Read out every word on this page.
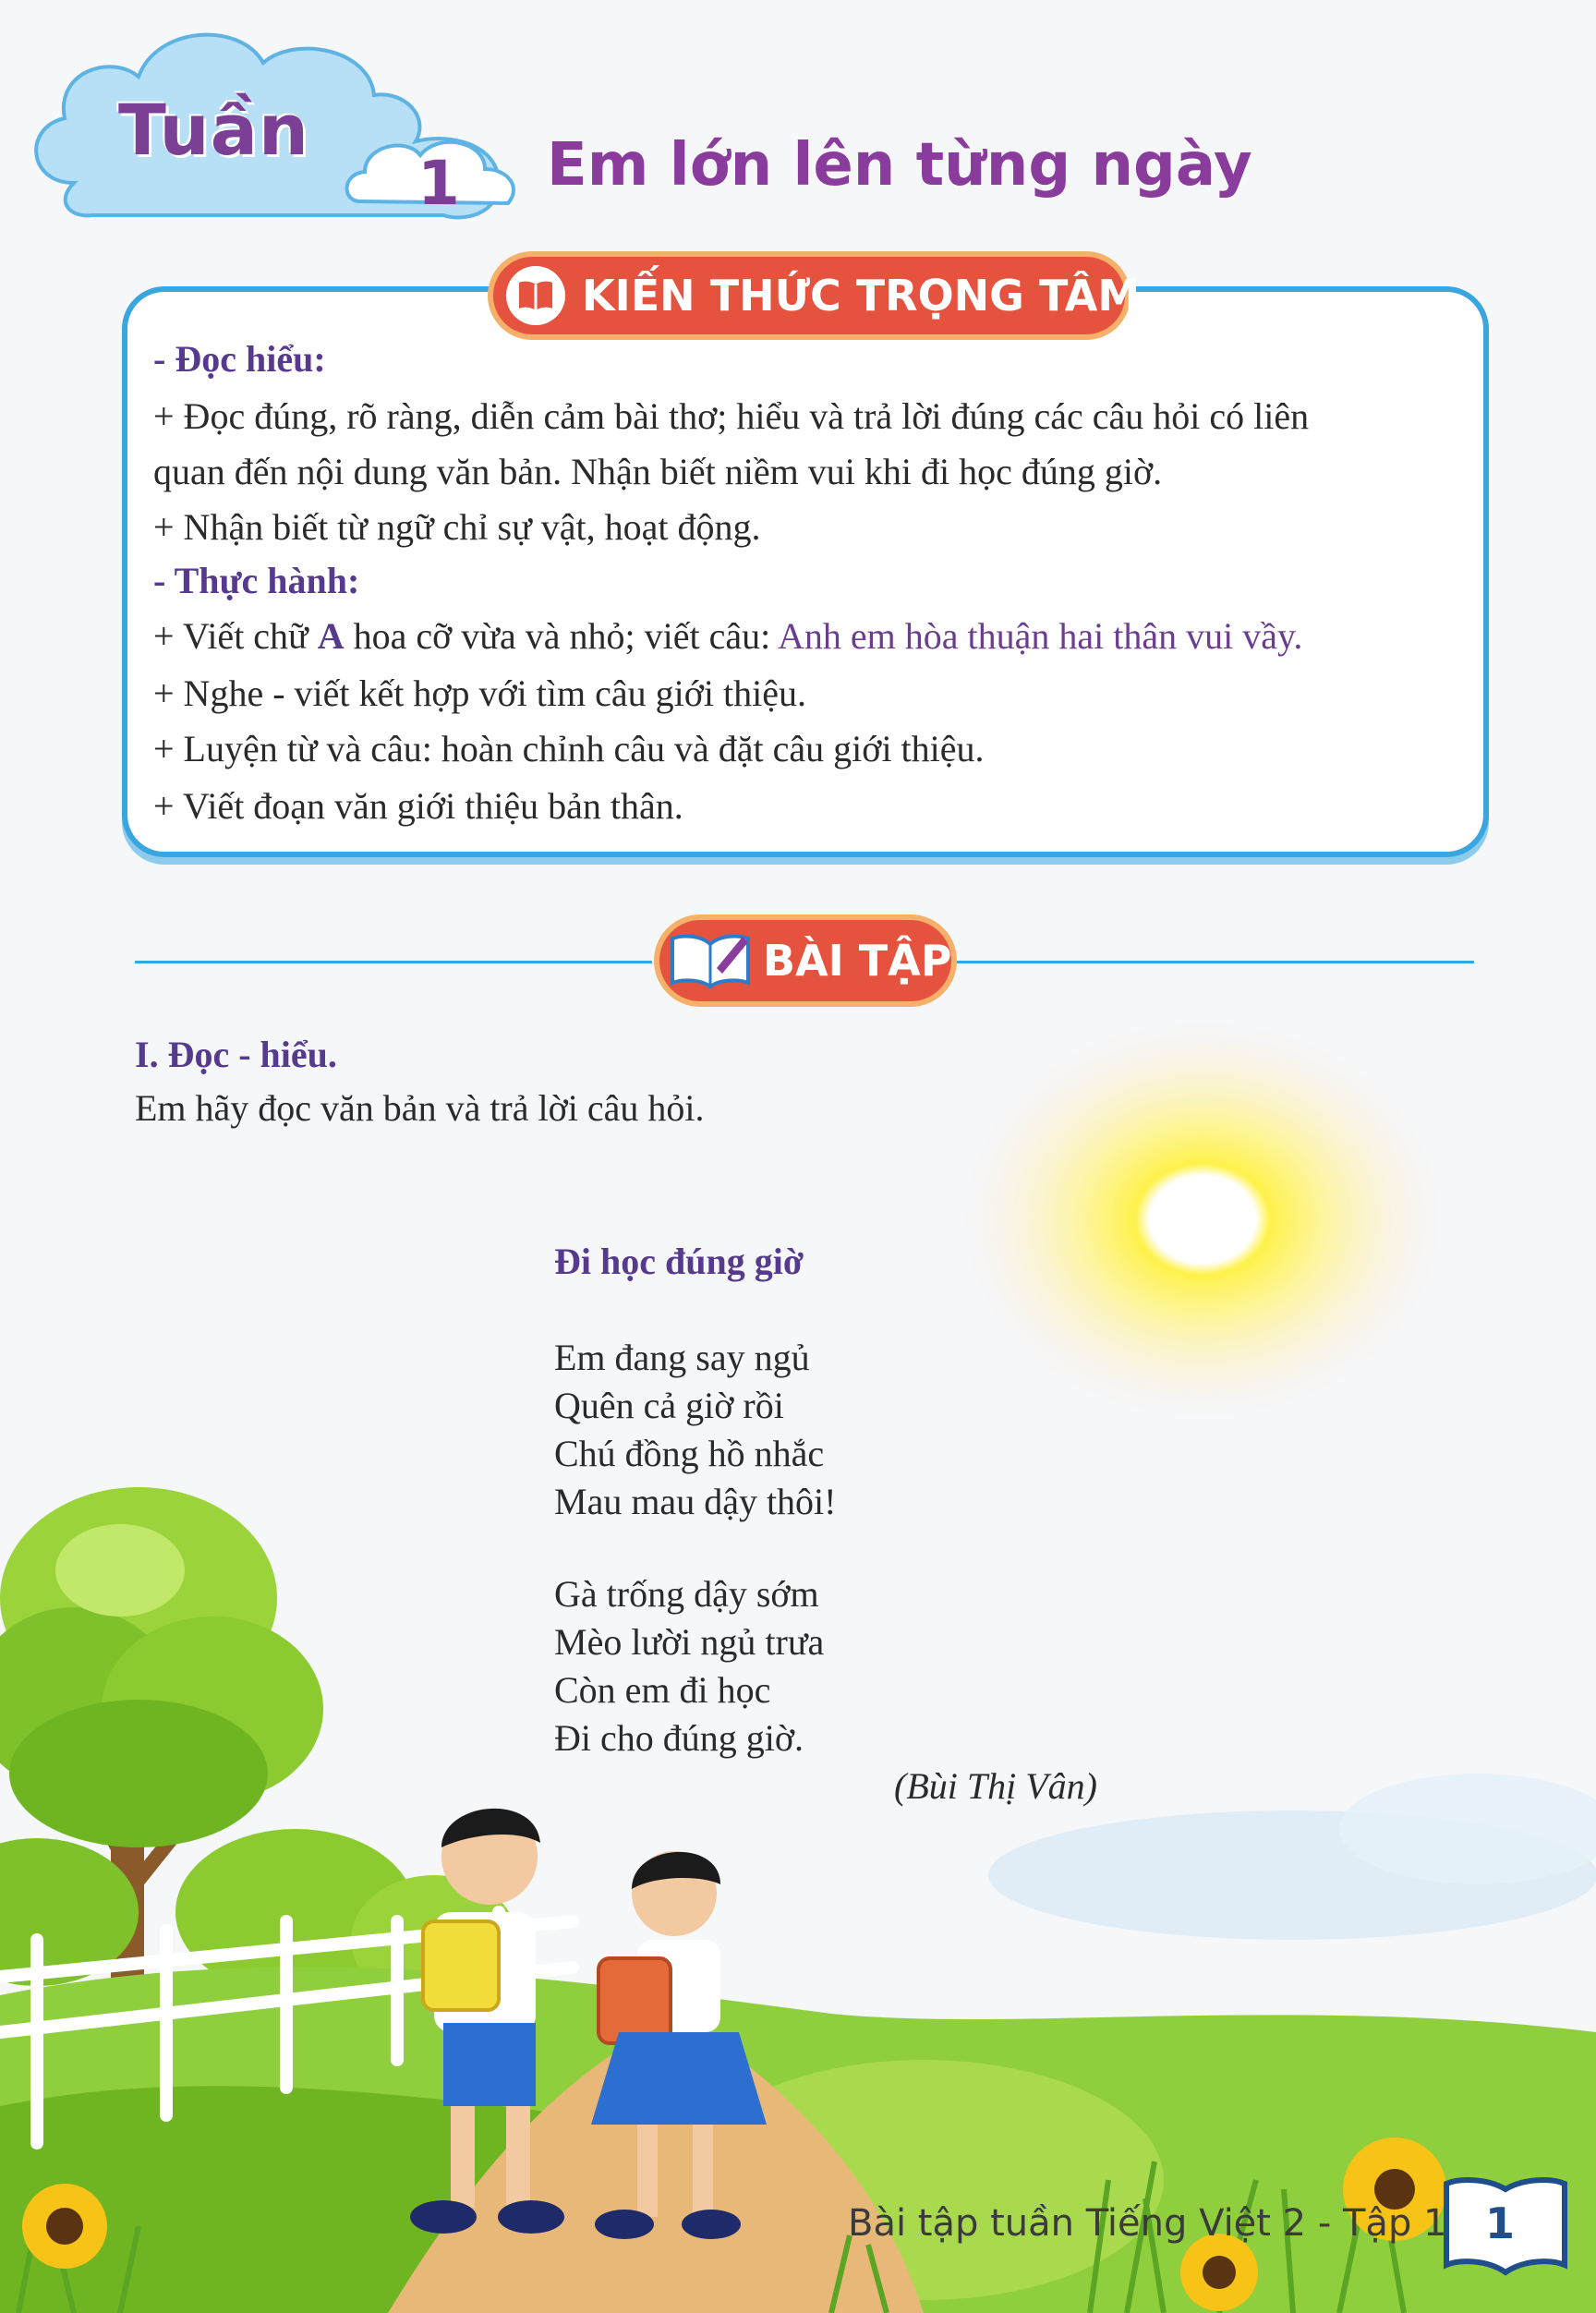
Tuần
1 Em lớn lên từng ngày
KIẾN THỨC TRỌNG TÂM
- Đọc hiểu:
+ Đọc đúng, rõ ràng, diễn cảm bài thơ; hiểu và trả lời đúng các câu hỏi có liên
quan đến nội dung văn bản. Nhận biết niềm vui khi đi học đúng giờ.
+ Nhận biết từ ngữ chỉ sự vật, hoạt động.
- Thực hành:
+ Viết chữ A hoa cỡ vừa và nhỏ; viết câu: Anh em hòa thuận hai thân vui vầy.
+ Nghe - viết kết hợp với tìm câu giới thiệu.
+ Luyện từ và câu: hoàn chỉnh câu và đặt câu giới thiệu.
+ Viết đoạn văn giới thiệu bản thân.
BÀI TẬP
I. Đọc - hiểu.
Em hãy đọc văn bản và trả lời câu hỏi.
Đi học đúng giờ
Em đang say ngủ
Quên cả giờ rồi
Chú đồng hồ nhắc
Mau mau dậy thôi!
Gà trống dậy sớm
Mèo lười ngủ trưa
Còn em đi học
Đi cho đúng giờ.
(Bùi Thị Vân)
Bài tập tuần Tiếng Việt 2 - Tập 1 1
